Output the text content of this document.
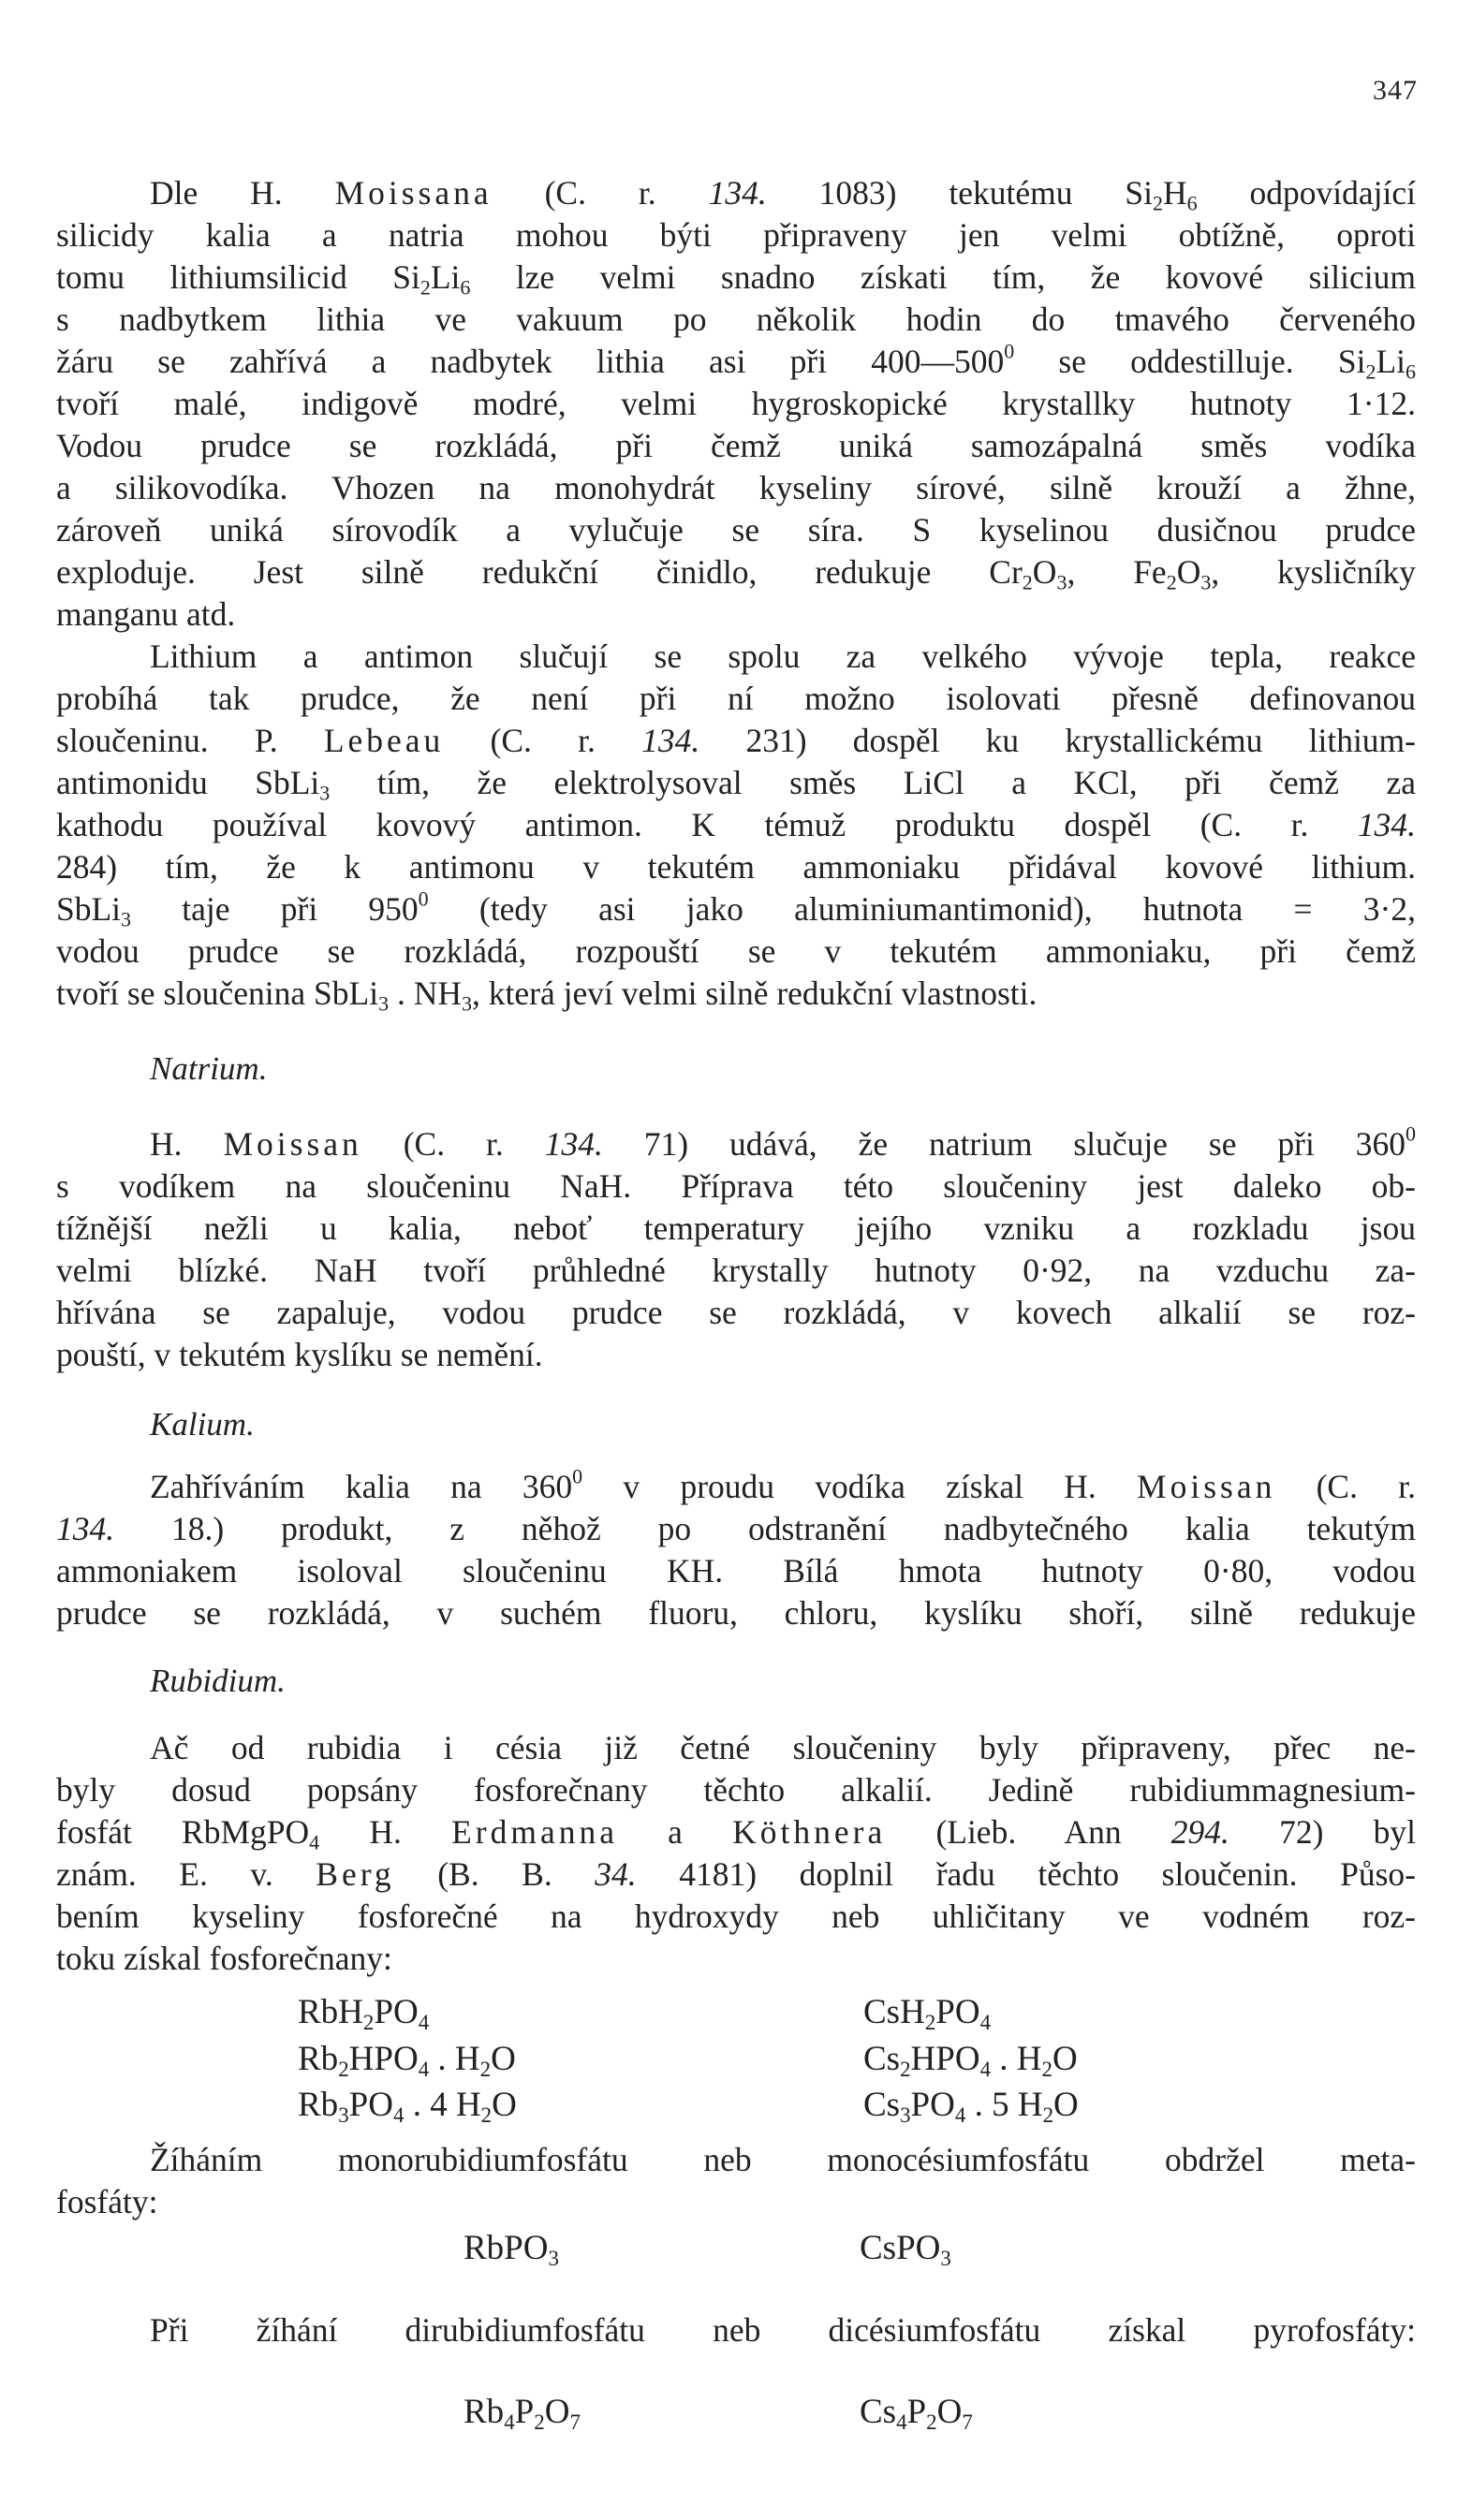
347
Dle H. Moissana (C. r. 134. 1083) tekutému $Si_2H_6$ odpovídající
silicidy kalia a natria mohou býti připraveny jen velmi obtížně, oproti
tomu lithiumsilicid $Si_2Li_6$ lze velmi snadno získati tím, že kovové silicium
s nadbytkem lithia ve vakuum po několik hodin do tmavého červeného
žáru se zahřívá a nadbytek lithia asi při $400—500^0$ se oddestilluje. $Si_2Li_6$
tvoří malé, indigově modré, velmi hygroskopické krystallky hutnoty 1·12.
Vodou prudce se rozkládá, při čemž uniká samozápalná směs vodíka
a silikovodíka. Vhozen na monohydrát kyseliny sírové, silně krouží a žhne,
zároveň uniká sírovodík a vylučuje se síra. S kyselinou dusičnou prudce
exploduje. Jest silně redukční činidlo, redukuje $Cr_2O_3$, $Fe_2O_3$, kysličníky
manganu atd.
Lithium a antimon slučují se spolu za velkého vývoje tepla, reakce
probíhá tak prudce, že není při ní možno isolovati přesně definovanou
sloučeninu. P. Lebeau (C. r. 134. 231) dospěl ku krystallickému lithium-
antimonidu SbLi$_3$ tím, že elektrolysoval směs LiCl a KCl, při čemž za
kathodu používal kovový antimon. K témuž produktu dospěl (C. r. 134.
284) tím, že k antimonu v tekutém ammoniaku přidával kovové lithium.
SbLi$_3$ taje při $950^0$ (tedy asi jako aluminiumantimonid), hutnota = 3·2,
vodou prudce se rozkládá, rozpouští se v tekutém ammoniaku, při čemž
tvoří se sloučenina SbLi$_3$ . $NH_3$, která jeví velmi silně redukční vlastnosti.
Natrium.
H. Moissan (C. r. 134. 71) udává, že natrium slučuje se při $360^0$
s vodíkem na sloučeninu NaH. Příprava této sloučeniny jest daleko ob-
tížnější nežli u kalia, neboť temperatury jejího vzniku a rozkladu jsou
velmi blízké. NaH tvoří průhledné krystally hutnoty 0·92, na vzduchu za-
hřívána se zapaluje, vodou prudce se rozkládá, v kovech alkalií se roz-
pouští, v tekutém kyslíku se nemění.
Kalium.
Zahříváním kalia na $360^0$ v proudu vodíka získal H. Moissan (C. r.
134. 18.) produkt, z něhož po odstranění nadbytečného kalia tekutým
ammoniakem isoloval sloučeninu KH. Bílá hmota hutnoty 0·80, vodou
prudce se rozkládá, v suchém fluoru, chloru, kyslíku shoří, silně redukuje
Rubidium.
Ač od rubidia i césia již četné sloučeniny byly připraveny, přec ne-
byly dosud popsány fosforečnany těchto alkalií. Jedině rubidiummagnesium-
fosfát RbMgPO$_4$ H. Erdmanna a Köthnera (Lieb. Ann 294. 72) byl
znám. E. v. Berg (B. B. 34. 4181) doplnil řadu těchto sloučenin. Půso-
bením kyseliny fosforečné na hydroxydy neb uhličitany ve vodném roz-
toku získal fosforečnany:
$RbH_2PO_4$	$CsH_2PO_4$
$Rb_2HPO_4$ . $H_2O$	$Cs_2HPO_4$ . $H_2O$
$Rb_3PO_4$ . 4 $H_2O$	$Cs_3PO_4$ . 5 $H_2O$
Žíháním monorubidiumfosfátu neb monocésiumfosfátu obdržel meta-
fosfáty:
RbPO$_3$	CsPO$_3$
Při žíhání dirubidiumfosfátu neb dicésiumfosfátu získal pyrofosfáty:
$Rb_4P_2O_7$	$Cs_4P_2O_7$
